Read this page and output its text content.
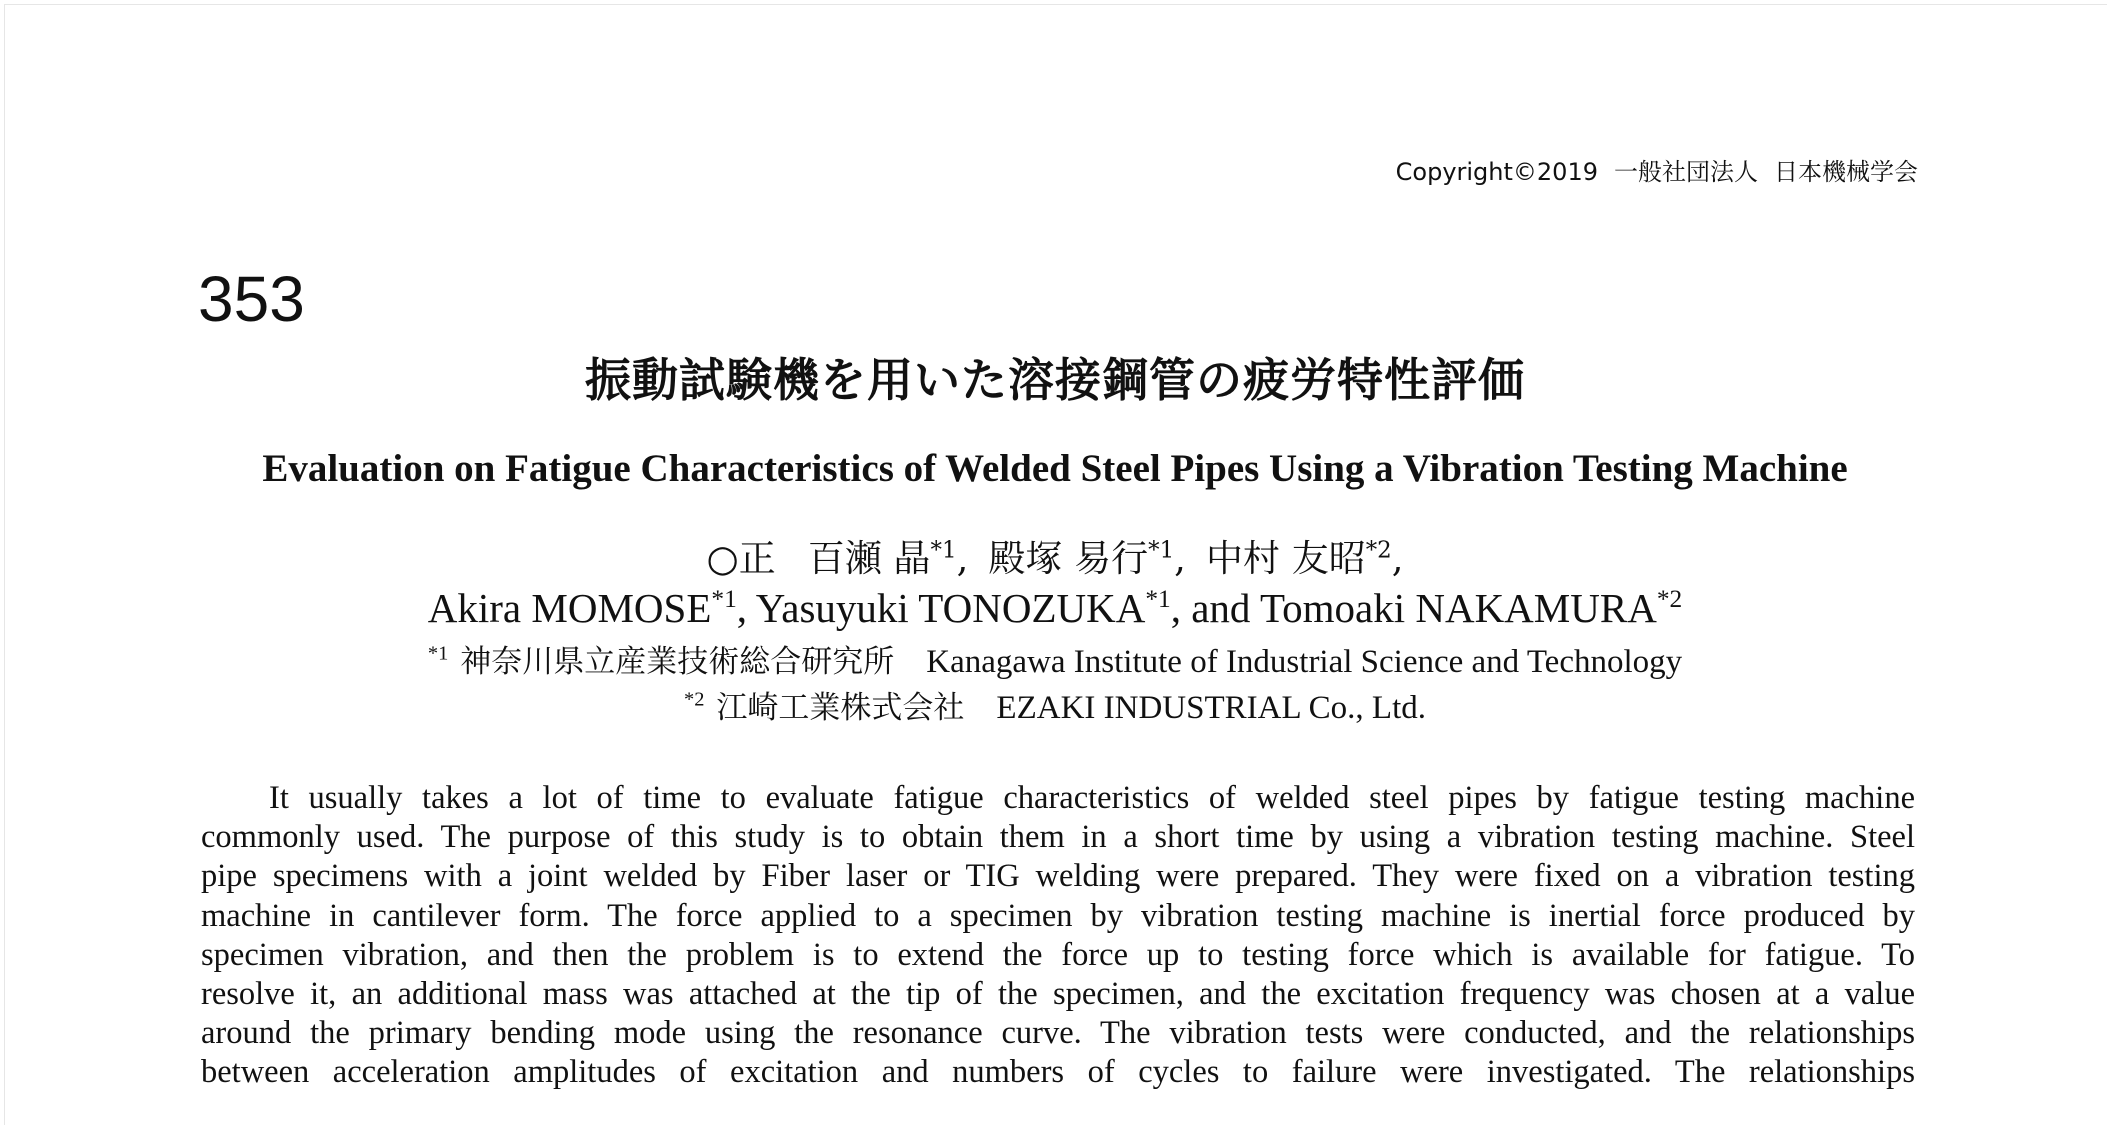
Copyright©2019 一般社団法人 日本機械学会
353
振動試験機を用いた溶接鋼管の疲労特性評価
Evaluation on Fatigue Characteristics of Welded Steel Pipes Using a Vibration Testing Machine
○正 百瀬 晶$^{*1}$, 殿塚 易行$^{*1}$, 中村 友昭$^{*2}$,
Akira MOMOSE$^{*1}$, Yasuyuki TONOZUKA$^{*1}$, and Tomoaki NAKAMURA$^{*2}$
$^{*1}$ 神奈川県立産業技術総合研究所 Kanagawa Institute of Industrial Science and Technology
$^{*2}$ 江崎工業株式会社 EZAKI INDUSTRIAL Co., Ltd.
It usually takes a lot of time to evaluate fatigue characteristics of welded steel pipes by fatigue testing machine
commonly used. The purpose of this study is to obtain them in a short time by using a vibration testing machine. Steel
pipe specimens with a joint welded by Fiber laser or TIG welding were prepared. They were fixed on a vibration testing
machine in cantilever form. The force applied to a specimen by vibration testing machine is inertial force produced by
specimen vibration, and then the problem is to extend the force up to testing force which is available for fatigue. To
resolve it, an additional mass was attached at the tip of the specimen, and the excitation frequency was chosen at a value
around the primary bending mode using the resonance curve. The vibration tests were conducted, and the relationships
between acceleration amplitudes of excitation and numbers of cycles to failure were investigated. The relationships
